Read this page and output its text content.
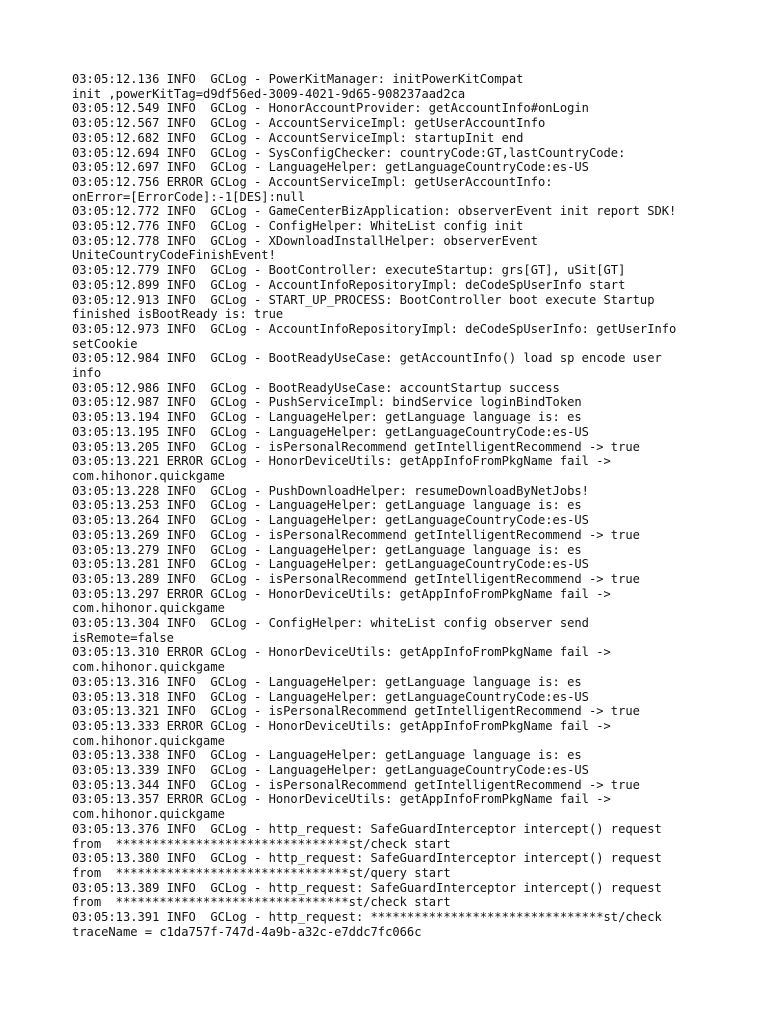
03:05:12.136 INFO  GCLog - PowerKitManager: initPowerKitCompat
init ,powerKitTag=d9df56ed-3009-4021-9d65-908237aad2ca
03:05:12.549 INFO  GCLog - HonorAccountProvider: getAccountInfo#onLogin
03:05:12.567 INFO  GCLog - AccountServiceImpl: getUserAccountInfo
03:05:12.682 INFO  GCLog - AccountServiceImpl: startupInit end
03:05:12.694 INFO  GCLog - SysConfigChecker: countryCode:GT,lastCountryCode:
03:05:12.697 INFO  GCLog - LanguageHelper: getLanguageCountryCode:es-US
03:05:12.756 ERROR GCLog - AccountServiceImpl: getUserAccountInfo:
onError=[ErrorCode]:-1[DES]:null
03:05:12.772 INFO  GCLog - GameCenterBizApplication: observerEvent init report SDK!
03:05:12.776 INFO  GCLog - ConfigHelper: WhiteList config init
03:05:12.778 INFO  GCLog - XDownloadInstallHelper: observerEvent
UniteCountryCodeFinishEvent!
03:05:12.779 INFO  GCLog - BootController: executeStartup: grs[GT], uSit[GT]
03:05:12.899 INFO  GCLog - AccountInfoRepositoryImpl: deCodeSpUserInfo start
03:05:12.913 INFO  GCLog - START_UP_PROCESS: BootController boot execute Startup
finished isBootReady is: true
03:05:12.973 INFO  GCLog - AccountInfoRepositoryImpl: deCodeSpUserInfo: getUserInfo
setCookie
03:05:12.984 INFO  GCLog - BootReadyUseCase: getAccountInfo() load sp encode user
info
03:05:12.986 INFO  GCLog - BootReadyUseCase: accountStartup success
03:05:12.987 INFO  GCLog - PushServiceImpl: bindService loginBindToken
03:05:13.194 INFO  GCLog - LanguageHelper: getLanguage language is: es
03:05:13.195 INFO  GCLog - LanguageHelper: getLanguageCountryCode:es-US
03:05:13.205 INFO  GCLog - isPersonalRecommend getIntelligentRecommend -> true
03:05:13.221 ERROR GCLog - HonorDeviceUtils: getAppInfoFromPkgName fail ->
com.hihonor.quickgame
03:05:13.228 INFO  GCLog - PushDownloadHelper: resumeDownloadByNetJobs!
03:05:13.253 INFO  GCLog - LanguageHelper: getLanguage language is: es
03:05:13.264 INFO  GCLog - LanguageHelper: getLanguageCountryCode:es-US
03:05:13.269 INFO  GCLog - isPersonalRecommend getIntelligentRecommend -> true
03:05:13.279 INFO  GCLog - LanguageHelper: getLanguage language is: es
03:05:13.281 INFO  GCLog - LanguageHelper: getLanguageCountryCode:es-US
03:05:13.289 INFO  GCLog - isPersonalRecommend getIntelligentRecommend -> true
03:05:13.297 ERROR GCLog - HonorDeviceUtils: getAppInfoFromPkgName fail ->
com.hihonor.quickgame
03:05:13.304 INFO  GCLog - ConfigHelper: whiteList config observer send
isRemote=false
03:05:13.310 ERROR GCLog - HonorDeviceUtils: getAppInfoFromPkgName fail ->
com.hihonor.quickgame
03:05:13.316 INFO  GCLog - LanguageHelper: getLanguage language is: es
03:05:13.318 INFO  GCLog - LanguageHelper: getLanguageCountryCode:es-US
03:05:13.321 INFO  GCLog - isPersonalRecommend getIntelligentRecommend -> true
03:05:13.333 ERROR GCLog - HonorDeviceUtils: getAppInfoFromPkgName fail ->
com.hihonor.quickgame
03:05:13.338 INFO  GCLog - LanguageHelper: getLanguage language is: es
03:05:13.339 INFO  GCLog - LanguageHelper: getLanguageCountryCode:es-US
03:05:13.344 INFO  GCLog - isPersonalRecommend getIntelligentRecommend -> true
03:05:13.357 ERROR GCLog - HonorDeviceUtils: getAppInfoFromPkgName fail ->
com.hihonor.quickgame
03:05:13.376 INFO  GCLog - http_request: SafeGuardInterceptor intercept() request
from  ********************************st/check start
03:05:13.380 INFO  GCLog - http_request: SafeGuardInterceptor intercept() request
from  ********************************st/query start
03:05:13.389 INFO  GCLog - http_request: SafeGuardInterceptor intercept() request
from  ********************************st/check start
03:05:13.391 INFO  GCLog - http_request: ********************************st/check
traceName = c1da757f-747d-4a9b-a32c-e7ddc7fc066c
